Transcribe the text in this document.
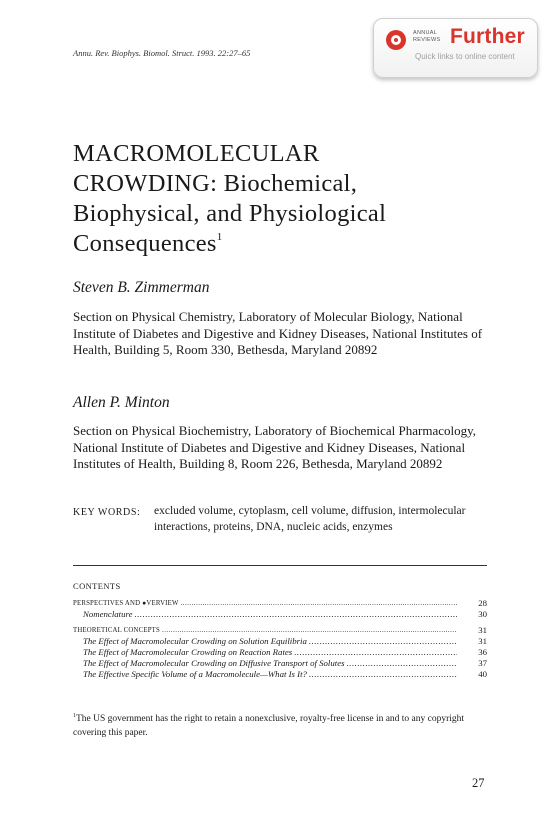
Annu. Rev. Biophys. Biomol. Struct. 1993. 22:27–65
ANNUAL REVIEWS Further
Quick links to online content
MACROMOLECULAR
CROWDING: Biochemical,
Biophysical, and Physiological
Consequences$^1$
Steven B. Zimmerman
Section on Physical Chemistry, Laboratory of Molecular Biology, National Institute of Diabetes and Digestive and Kidney Diseases, National Institutes of Health, Building 5, Room 330, Bethesda, Maryland 20892
Allen P. Minton
Section on Physical Biochemistry, Laboratory of Biochemical Pharmacology, National Institute of Diabetes and Digestive and Kidney Diseases, National Institutes of Health, Building 8, Room 226, Bethesda, Maryland 20892
KEY WORDS: excluded volume, cytoplasm, cell volume, diffusion, intermolecular interactions, proteins, DNA, nucleic acids, enzymes
CONTENTS
PERSPECTIVES AND ●VERVIEW .....	28
Nomenclature .....	30
THEORETICAL CONCEPTS .....	31
The Effect of Macromolecular Crowding on Solution Equilibria .....	31
The Effect of Macromolecular Crowding on Reaction Rates .....	36
The Effect of Macromolecular Crowding on Diffusive Transport of Solutes .....	37
The Effective Specific Volume of a Macromolecule—What Is It? .....	40
$^1$The US government has the right to retain a nonexclusive, royalty-free license in and to any copyright covering this paper.
27
